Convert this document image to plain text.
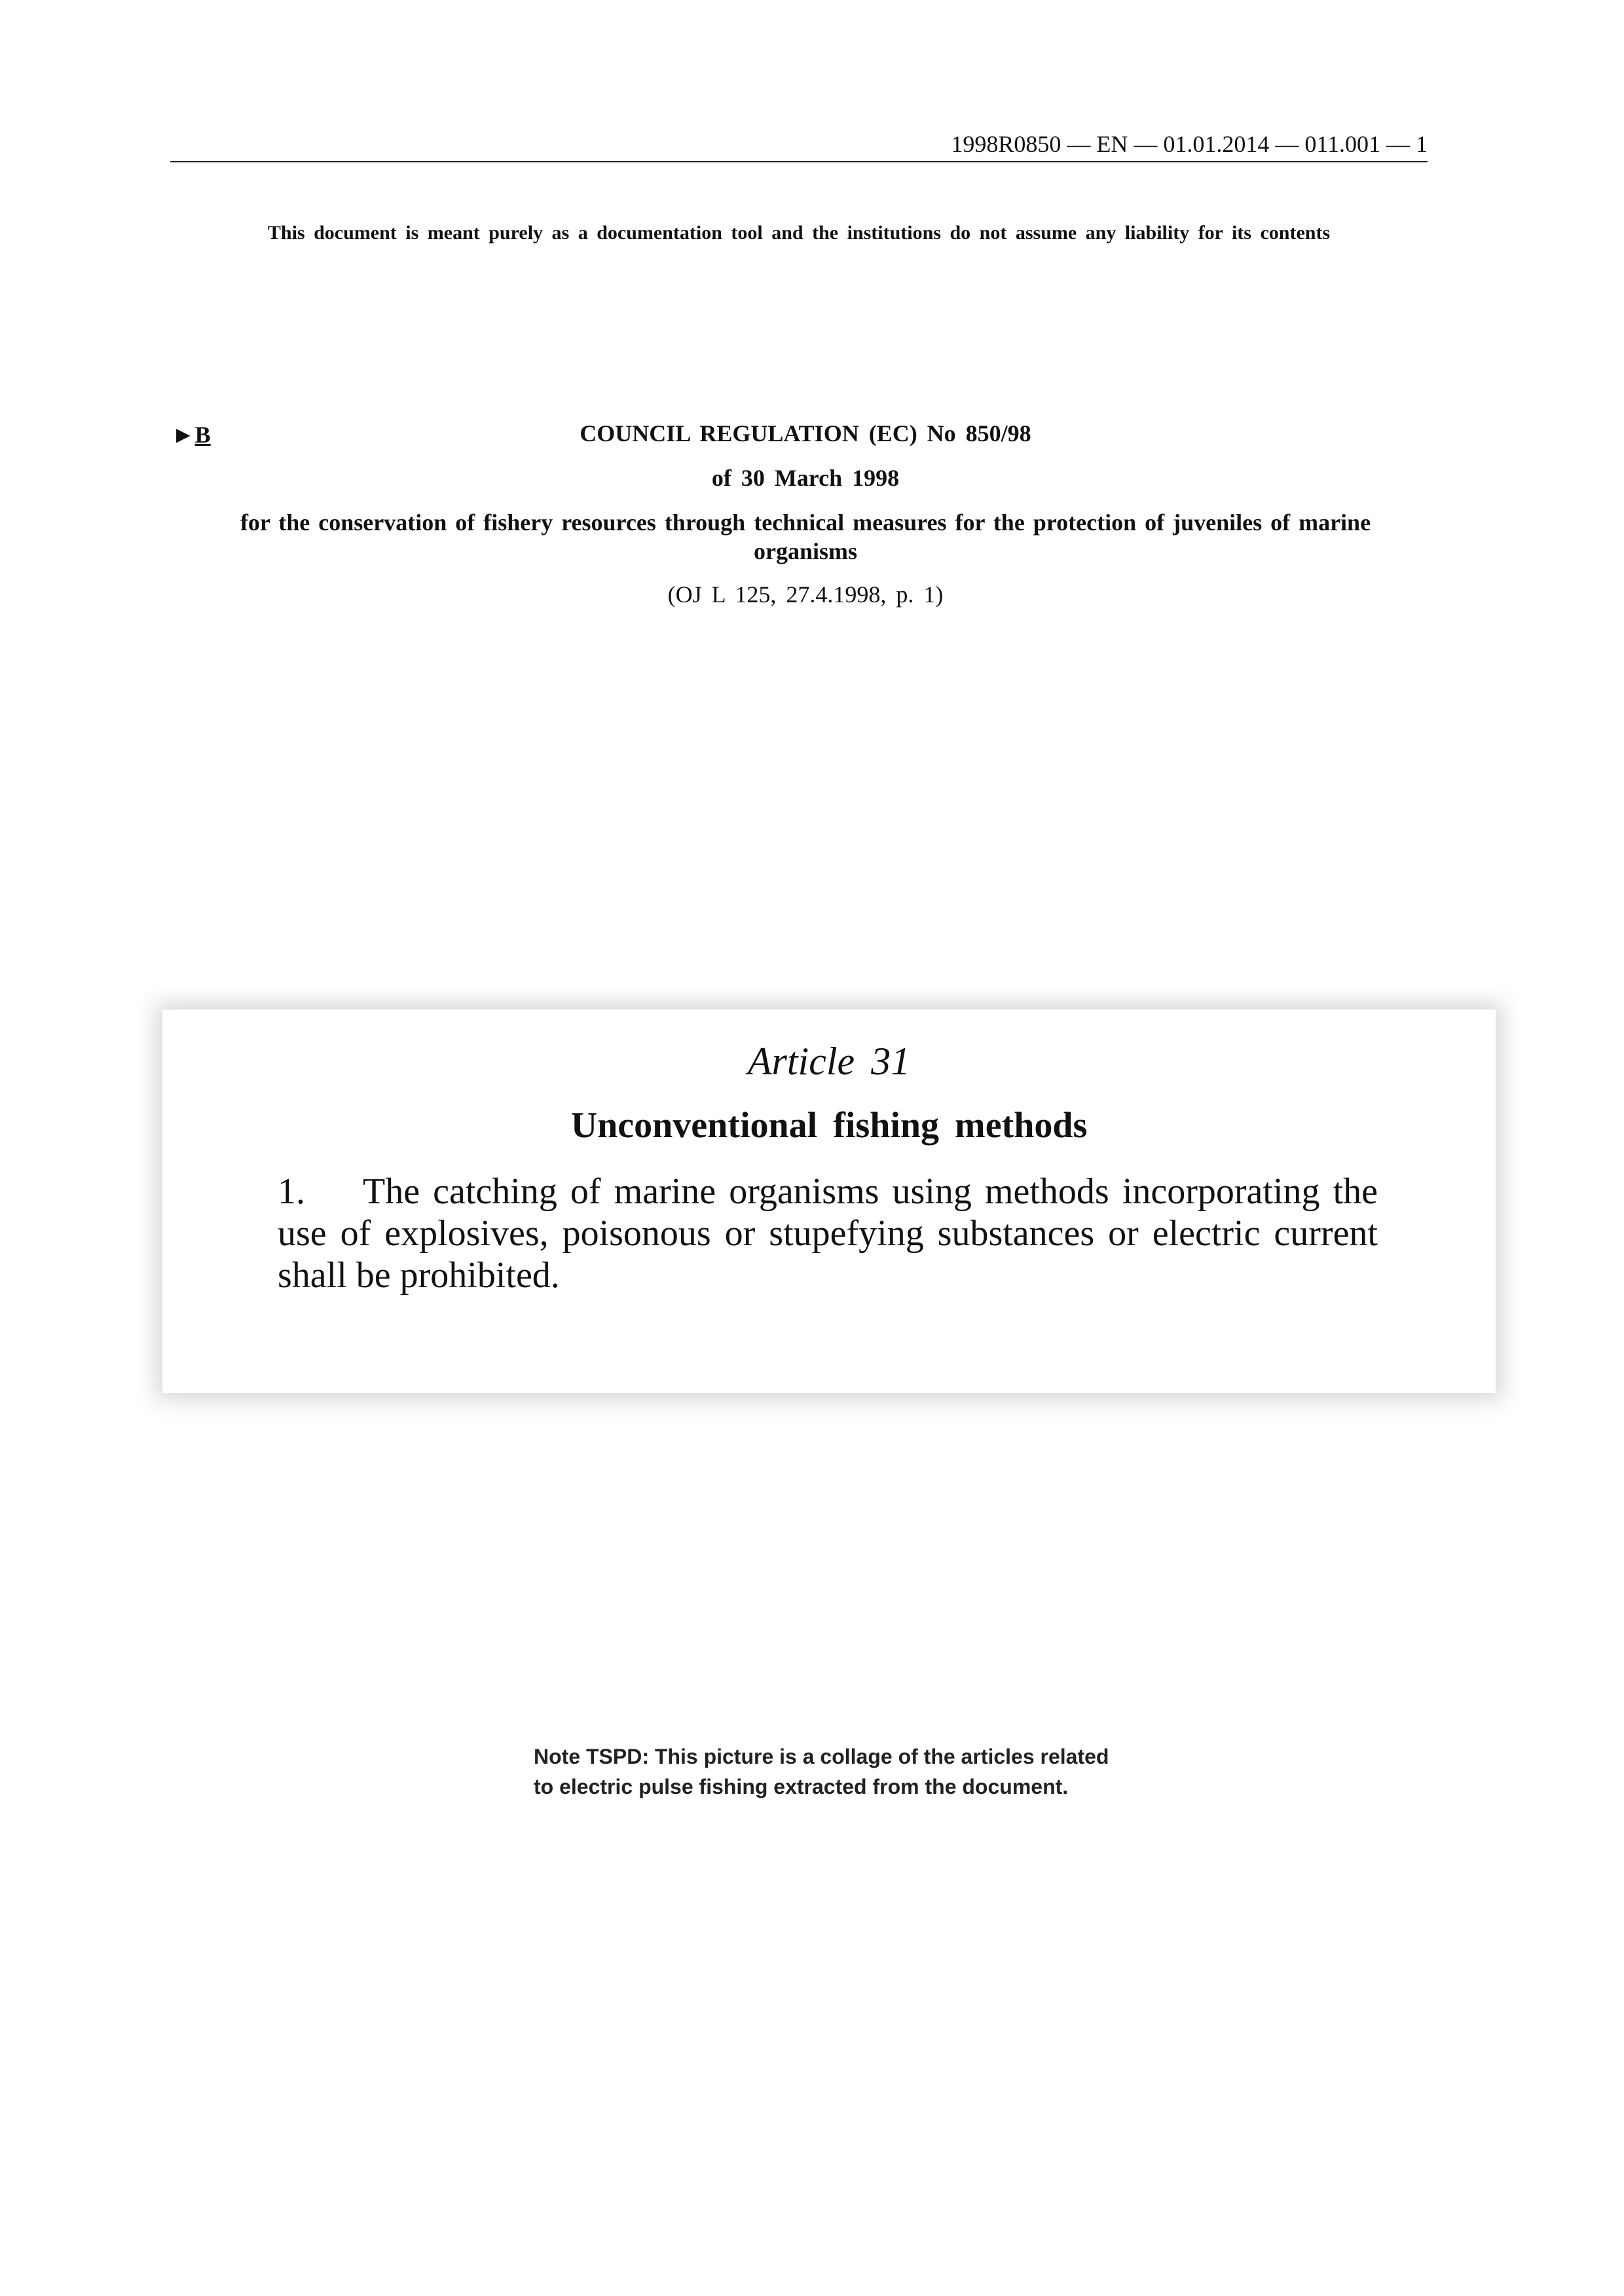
1998R0850 — EN — 01.01.2014 — 011.001 — 1
This document is meant purely as a documentation tool and the institutions do not assume any liability for its contents
►B	COUNCIL REGULATION (EC) No 850/98
of 30 March 1998
for the conservation of fishery resources through technical measures for the protection of juveniles of marine organisms
(OJ L 125, 27.4.1998, p. 1)
Article 31
Unconventional fishing methods
1. The catching of marine organisms using methods incorporating the use of explosives, poisonous or stupefying substances or electric current shall be prohibited.
Note TSPD: This picture is a collage of the articles related to electric pulse fishing extracted from the document.
